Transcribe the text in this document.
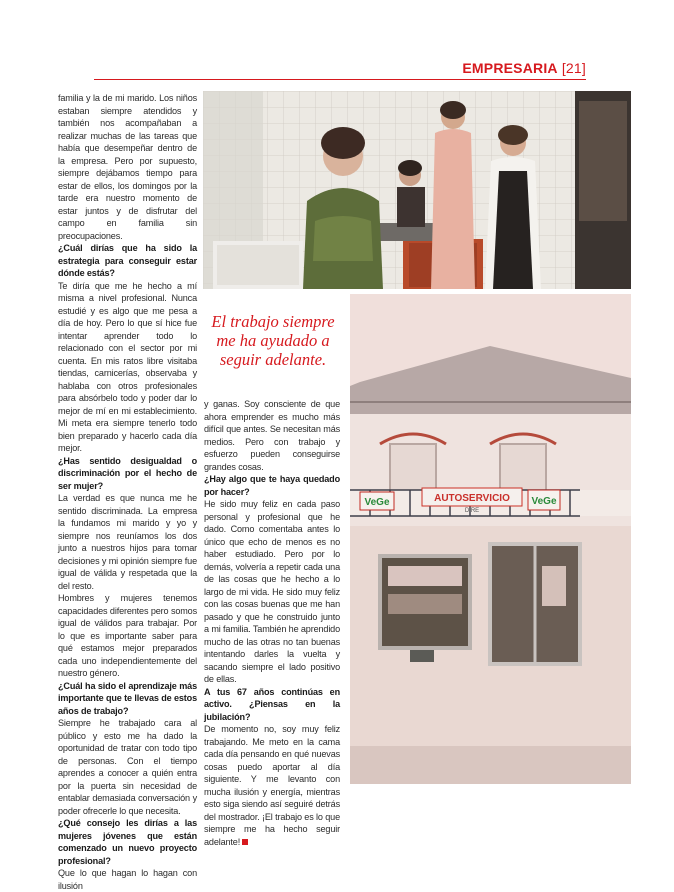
EMPRESARIA [21]

familia y la de mi marido. Los niños estaban siempre atendidos y también nos acompañaban a realizar muchas de las tareas que había que desempeñar dentro de la empresa. Pero por supuesto, siempre dejábamos tiempo para estar de ellos, los domingos por la tarde era nuestro momento de estar juntos y de disfrutar del campo en familia sin preocupaciones.

¿Cuál dirías que ha sido la estrategia para conseguir estar dónde estás?

Te diría que me he hecho a mí misma a nivel profesional. Nunca estudié y es algo que me pesa a día de hoy. Pero lo que sí hice fue intentar aprender todo lo relacionado con el sector por mi cuenta. En mis ratos libre visitaba tiendas, carnicerías, observaba y hablaba con otros profesionales para absórbelo todo y poder dar lo mejor de mí en mi establecimiento. Mi meta era siempre tenerlo todo bien preparado y hacerlo cada día mejor.

¿Has sentido desigualdad o discriminación por el hecho de ser mujer?

La verdad es que nunca me he sentido discriminada. La empresa la fundamos mi marido y yo y siempre nos reuníamos los dos junto a nuestros hijos para tomar decisiones y mi opinión siempre fue igual de válida y respetada que la del resto.

Hombres y mujeres tenemos capacidades diferentes pero somos igual de válidos para trabajar. Por lo que es importante saber para qué estamos mejor preparados cada uno independientemente del nuestro género.

¿Cuál ha sido el aprendizaje más importante que te llevas de estos años de trabajo?

Siempre he trabajado cara al público y esto me ha dado la oportunidad de tratar con todo tipo de personas. Con el tiempo aprendes a conocer a quién entra por la puerta sin necesidad de entablar demasiada conversación y poder ofrecerle lo que necesita.

¿Qué consejo les dirías a las mujeres jóvenes que están comenzado un nuevo proyecto profesional?

Que lo que hagan lo hagan con ilusión

El trabajo siempre me ha ayudado a seguir adelante.

y ganas. Soy consciente de que ahora emprender es mucho más difícil que antes. Se necesitan más medios. Pero con trabajo y esfuerzo pueden conseguirse grandes cosas.

¿Hay algo que te haya quedado por hacer?

He sido muy feliz en cada paso personal y profesional que he dado. Como comentaba antes lo único que echo de menos es no haber estudiado. Pero por lo demás, volvería a repetir cada una de las cosas que he hecho a lo largo de mi vida. He sido muy feliz con las cosas buenas que me han pasado y que he construido junto a mi familia. También he aprendido mucho de las otras no tan buenas intentando darles la vuelta y sacando siempre el lado positivo de ellas.

A tus 67 años continúas en activo. ¿Piensas en la jubilación?

De momento no, soy muy feliz trabajando. Me meto en la cama cada día pensando en qué nuevas cosas puedo aportar al día siguiente. Y me levanto con mucha ilusión y energía, mientras esto siga siendo así seguiré detrás del mostrador. ¡El trabajo es lo que siempre me ha hecho seguir adelante!

VeGe	AUTOSERVICIO
DIRE
VeGe
